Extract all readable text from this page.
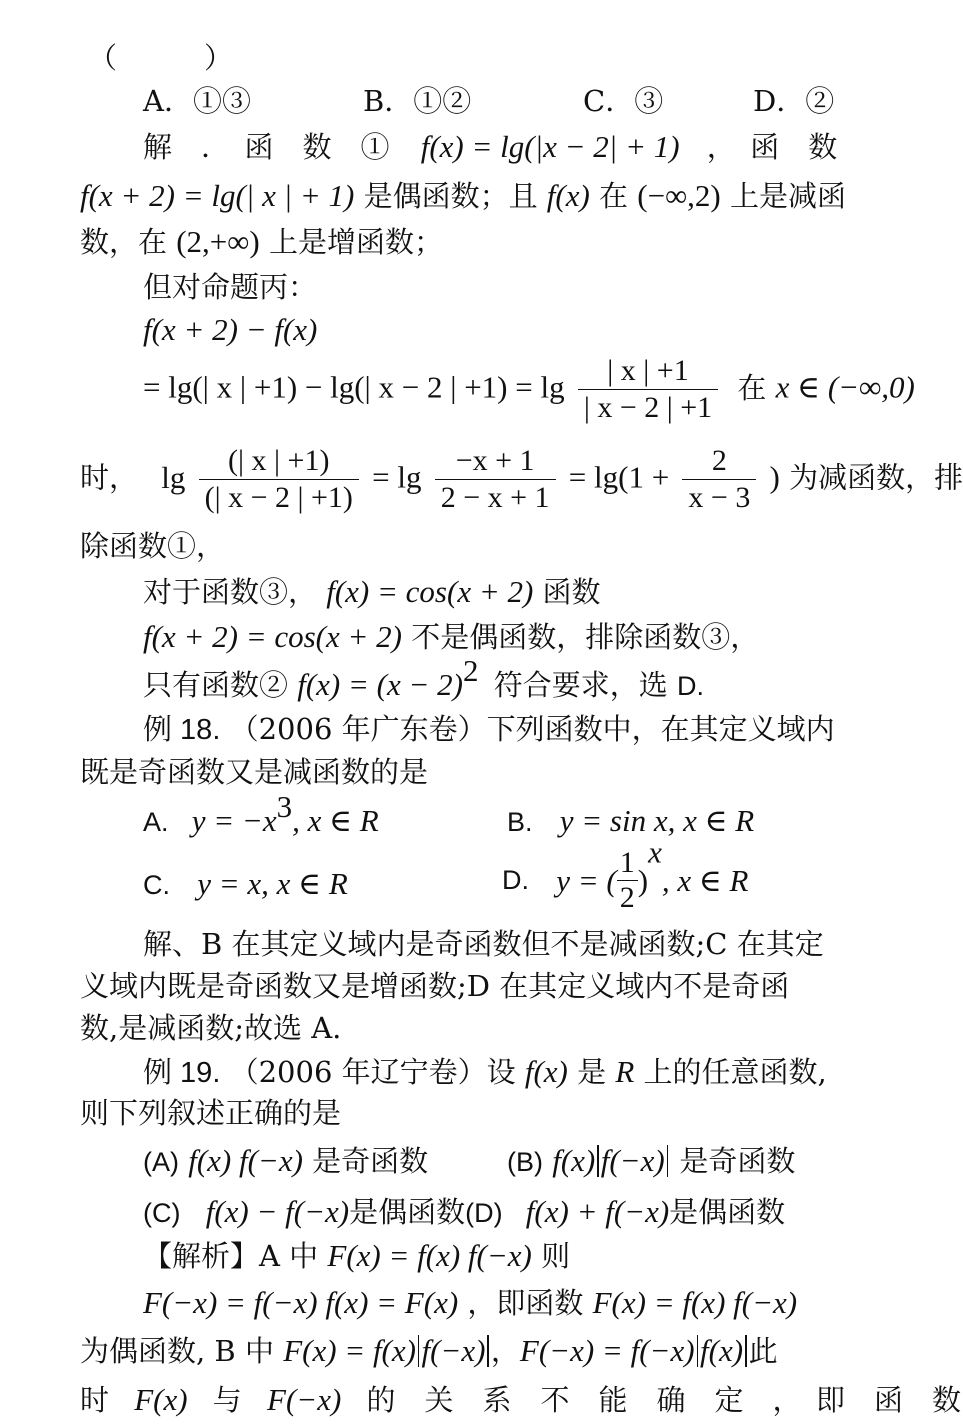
（　　　）
A．①③	B．①②	C．③	D．②
解　．　函　数　① f(x) = lg(|x − 2| + 1) ，　函　数
f(x + 2) = lg(| x | + 1) 是偶函数；且 f(x) 在 (−∞,2) 上是减函
数，在 (2,+∞) 上是增函数；
但对命题丙：
f(x + 2) − f(x)
= lg(| x | +1) − lg(| x − 2 | $+1) = \lg \frac{| x | +1}{| x - 2 | +1}$ 在 x ∈ (−∞,0)
时， $\lg \frac{(| x | +1)}{(| x - 2 | +1)} = \lg \frac{-x + 1}{2 - x + 1} = \lg(1 + \frac{2}{x - 3}$ ) 为减函数，排
除函数①，
对于函数③， f(x) = cos(x + 2) 函数
f(x + 2) = cos(x + 2) 不是偶函数，排除函数③，
只有函数② $f(x) = (x - 2)^2$ 符合要求，选 D.
例 18. （2006 年广东卷）下列函数中，在其定义域内
既是奇函数又是减函数的是
A. $y = -x^3$, x ∈ R	B. y = sin x, x ∈ R
C. y = x, x ∈ R	D. y = ( $\frac{1}{2} )^x$, x ∈ R
解、B 在其定义域内是奇函数但不是减函数;C 在其定
义域内既是奇函数又是增函数;D 在其定义域内不是奇函
数,是减函数;故选 A.
例 19. （2006 年辽宁卷）设 f(x) 是 R 上的任意函数,
则下列叙述正确的是
(A) f(x) f(−x) 是奇函数	(B) f(x) f(−x) 是奇函数
(C) f(x) − f(−x)是偶函数(D) f(x) + f(−x)是偶函数
【解析】A 中 F(x) = f(x) f(−x) 则
F(−x) = f(−x) f(x) = F(x) ，即函数 F(x) = f(x) f(−x)
为偶函数, B 中 F(x) = f(x) f(−x) ，F(−x) = f(−x) f(x) 此
时 F(x) 与 F(−x) 的　关　系　不　能　确　定　，　即　函　数
